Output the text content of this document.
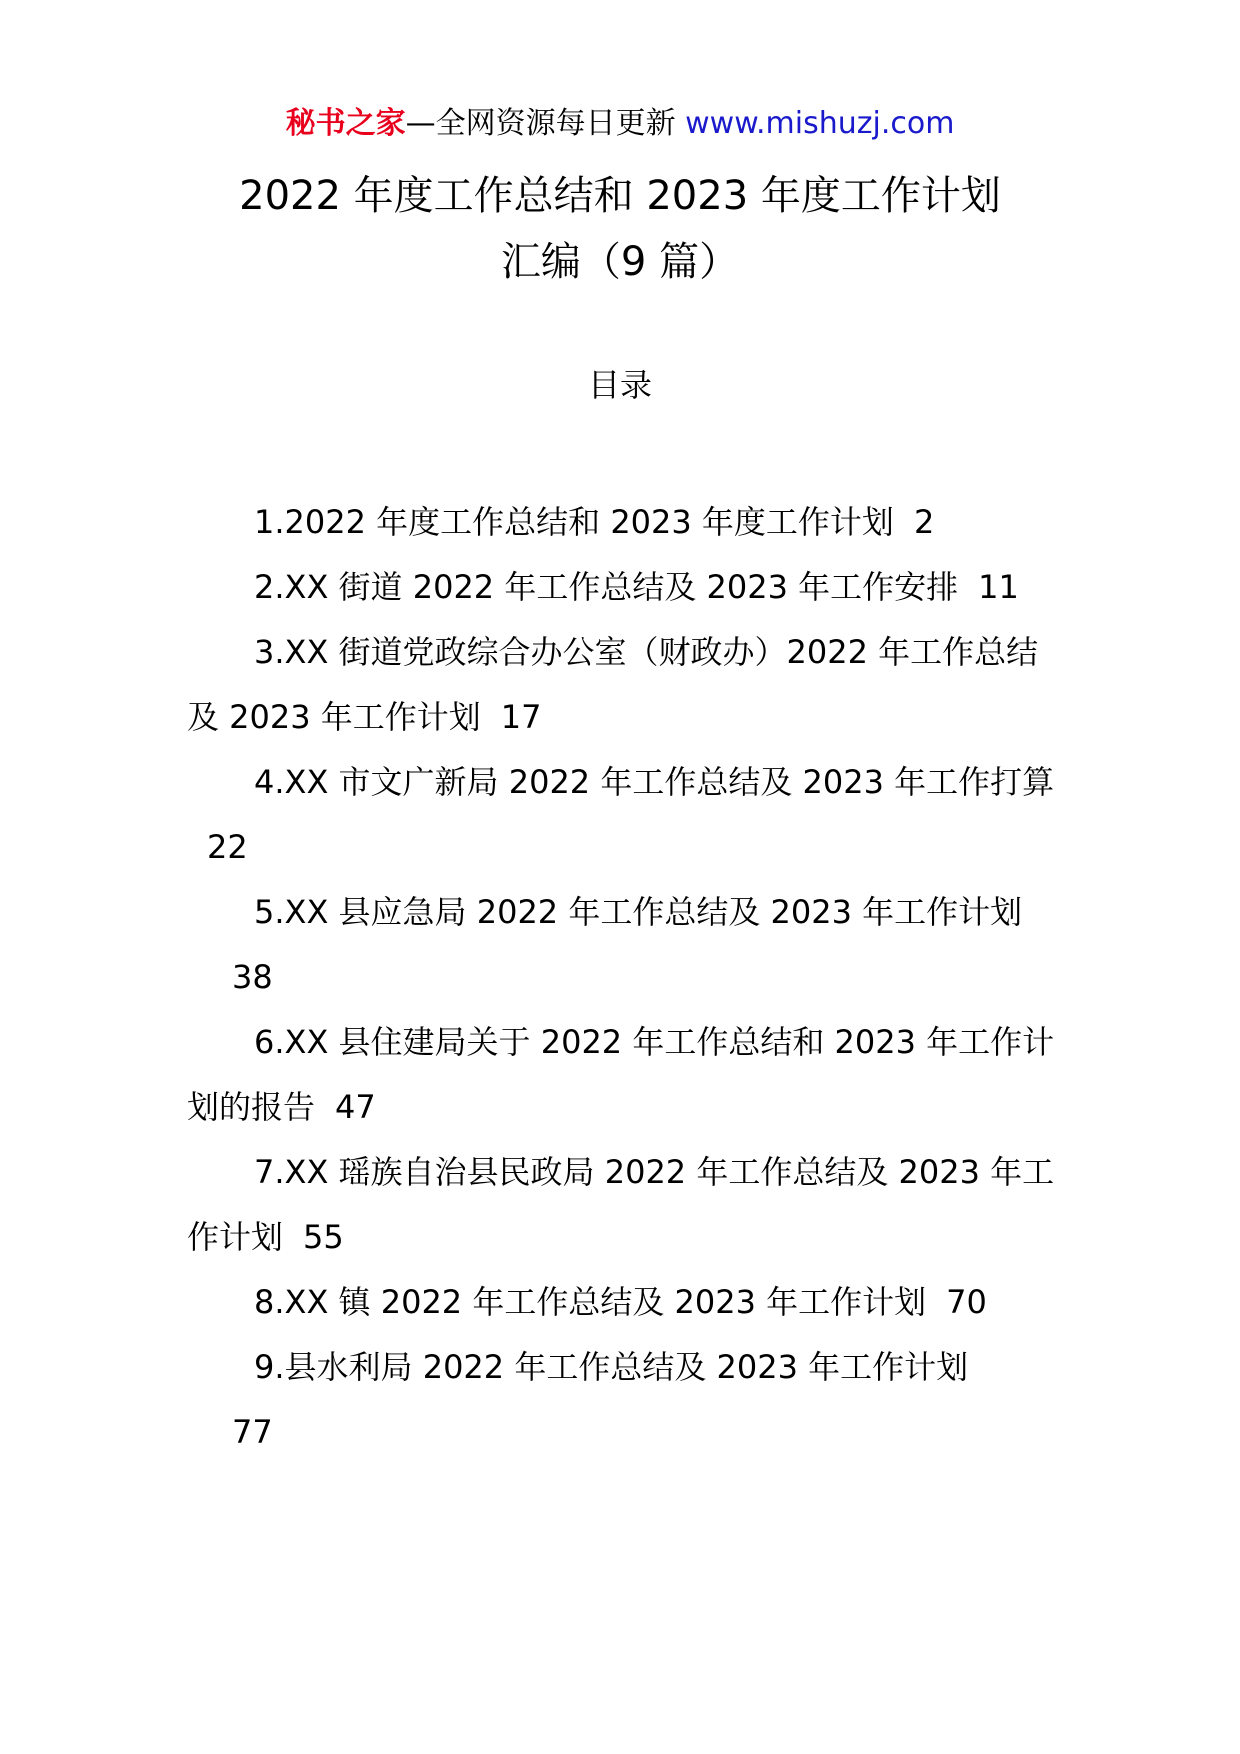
秘书之家—全网资源每日更新 www.mishuzj.com
2022 年度工作总结和 2023 年度工作计划
汇编（9 篇）
目录
1.2022 年度工作总结和 2023 年度工作计划 2
2.XX 街道 2022 年工作总结及 2023 年工作安排 11
3.XX 街道党政综合办公室（财政办）2022 年工作总结及 2023 年工作计划 17
4.XX 市文广新局 2022 年工作总结及 2023 年工作打算22
5.XX 县应急局 2022 年工作总结及 2023 年工作计划
38
6.XX 县住建局关于 2022 年工作总结和 2023 年工作计划的报告 47
7.XX 瑶族自治县民政局 2022 年工作总结及 2023 年工作计划 55
8.XX 镇 2022 年工作总结及 2023 年工作计划 70
9.县水利局 2022 年工作总结及 2023 年工作计划
77
